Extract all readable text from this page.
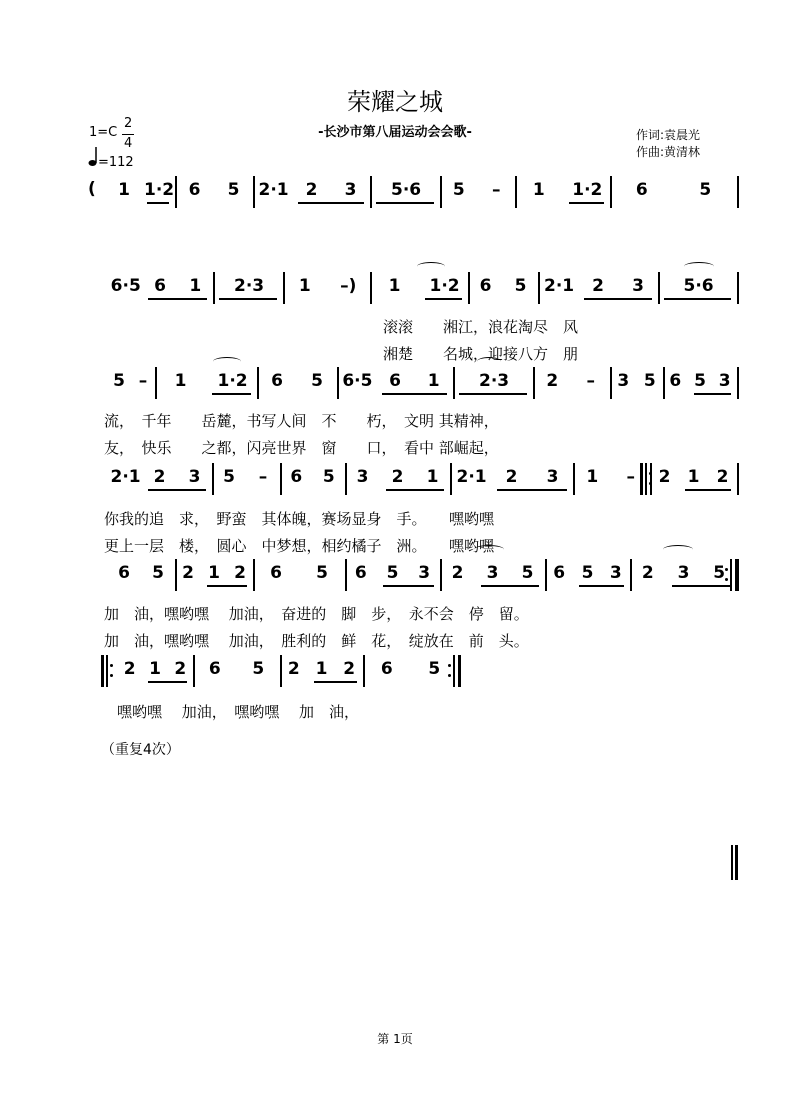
荣耀之城
-长沙市第八届运动会会歌-	作词:袁晨光
作曲:黄清林
1=C
2
4
=112
1 1·2 6	5	2·1 2	3	5·6	5	–	1	1·2	6	5
6·5 6	1	2·3	1	–)	1	1·2	6	5	2·1	2	3	5·6
5 –	1	1·2	6	5	6·5 6	1	2·3	2	–	3 5 6 5 3
2·1 2	3	5	–	6	5	3	2	1	2·1	2	3	1	–	2	1	2
6	5	2 1 2	6	5	6	5	3	2	3	5	6 5 3	2	3	5
2 1 2	6	5	2 1 2	6	5
(
滚滚　　湘江，浪花淘尽　风
湘楚　　名城，迎接八方　朋
流，　千年　　岳麓，书写人间　不　　朽，　文明 其精神，
友，　快乐　　之都，闪亮世界　窗　　口，　看中 部崛起，
你我的追　求，　野蛮　其体魄，赛场显身　手。　　嘿哟嘿
更上一层　楼，　圆心　中梦想，相约橘子　洲。　　嘿哟嘿
加　油，嘿哟嘿　 加油，　奋进的　脚　步，　永不会　停　留。
加　油，嘿哟嘿　 加油，　胜利的　鲜　花，　绽放在　前　头。
嘿哟嘿　 加油，　嘿哟嘿　 加　油，
（重复4次）
第 1页
